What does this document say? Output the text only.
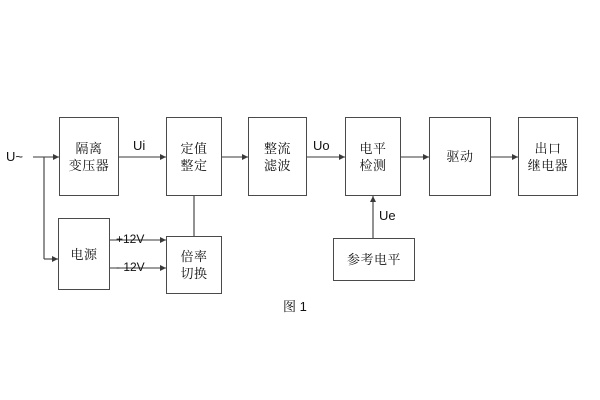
U~
隔离
变压器
电源
定值
整定
倍率
切换
整流
滤波
电平
检测
参考电平
驱动
出口
继电器
Ui	Uo
Ue
+12V
- 12V
图 1
